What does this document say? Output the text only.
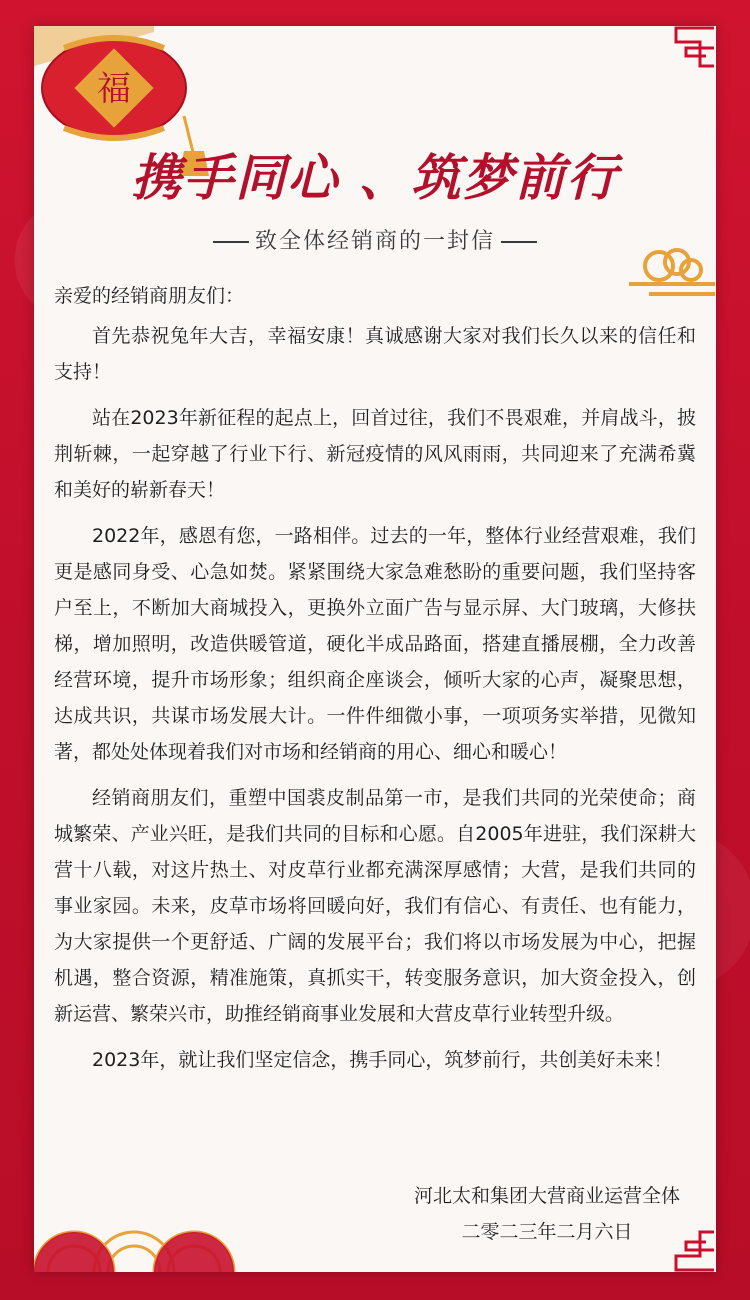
福
携手同心 、筑梦前行
致全体经销商的一封信

亲爱的经销商朋友们：

首先恭祝兔年大吉，幸福安康！真诚感谢大家对我们长久以来的信任和支持！

站在2023年新征程的起点上，回首过往，我们不畏艰难，并肩战斗，披荆斩棘，一起穿越了行业下行、新冠疫情的风风雨雨，共同迎来了充满希冀和美好的崭新春天！

2022年，感恩有您，一路相伴。过去的一年，整体行业经营艰难，我们更是感同身受、心急如焚。紧紧围绕大家急难愁盼的重要问题，我们坚持客户至上，不断加大商城投入，更换外立面广告与显示屏、大门玻璃，大修扶梯，增加照明，改造供暖管道，硬化半成品路面，搭建直播展棚，全力改善经营环境，提升市场形象；组织商企座谈会，倾听大家的心声，凝聚思想，达成共识，共谋市场发展大计。一件件细微小事，一项项务实举措，见微知著，都处处体现着我们对市场和经销商的用心、细心和暖心！

经销商朋友们，重塑中国裘皮制品第一市，是我们共同的光荣使命；商城繁荣、产业兴旺，是我们共同的目标和心愿。自2005年进驻，我们深耕大营十八载，对这片热土、对皮草行业都充满深厚感情；大营，是我们共同的事业家园。未来，皮草市场将回暖向好，我们有信心、有责任、也有能力，为大家提供一个更舒适、广阔的发展平台；我们将以市场发展为中心，把握机遇，整合资源，精准施策，真抓实干，转变服务意识，加大资金投入，创新运营、繁荣兴市，助推经销商事业发展和大营皮草行业转型升级。

2023年，就让我们坚定信念，携手同心，筑梦前行，共创美好未来！

河北太和集团大营商业运营全体
二零二三年二月六日
